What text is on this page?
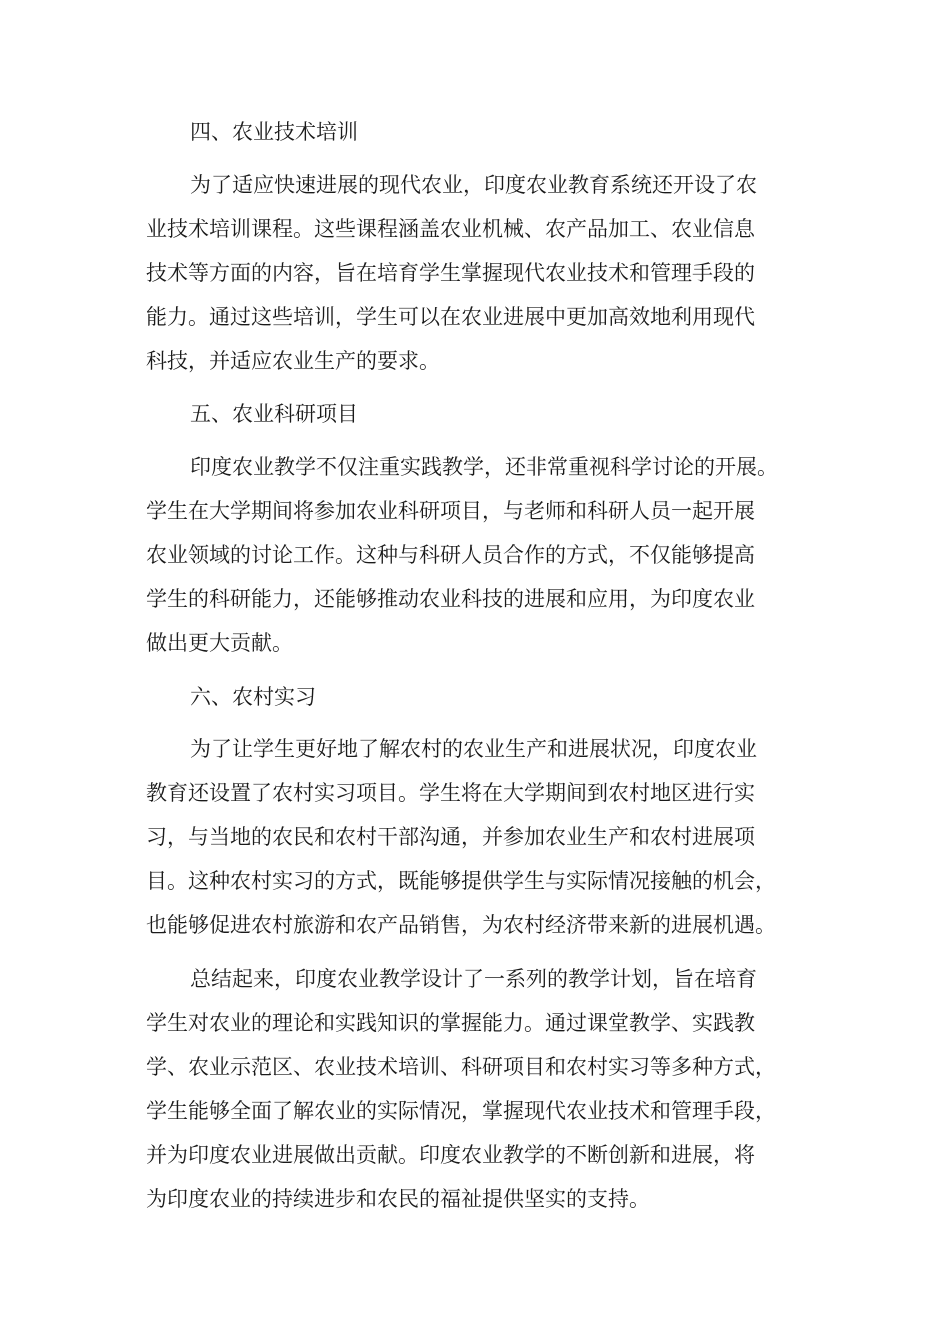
四、农业技术培训
为了适应快速进展的现代农业，印度农业教育系统还开设了农
业技术培训课程。这些课程涵盖农业机械、农产品加工、农业信息
技术等方面的内容，旨在培育学生掌握现代农业技术和管理手段的
能力。通过这些培训，学生可以在农业进展中更加高效地利用现代
科技，并适应农业生产的要求。
五、农业科研项目
印度农业教学不仅注重实践教学，还非常重视科学讨论的开展。
学生在大学期间将参加农业科研项目，与老师和科研人员一起开展
农业领域的讨论工作。这种与科研人员合作的方式，不仅能够提高
学生的科研能力，还能够推动农业科技的进展和应用，为印度农业
做出更大贡献。
六、农村实习
为了让学生更好地了解农村的农业生产和进展状况，印度农业
教育还设置了农村实习项目。学生将在大学期间到农村地区进行实
习，与当地的农民和农村干部沟通，并参加农业生产和农村进展项
目。这种农村实习的方式，既能够提供学生与实际情况接触的机会，
也能够促进农村旅游和农产品销售，为农村经济带来新的进展机遇。
总结起来，印度农业教学设计了一系列的教学计划，旨在培育
学生对农业的理论和实践知识的掌握能力。通过课堂教学、实践教
学、农业示范区、农业技术培训、科研项目和农村实习等多种方式，
学生能够全面了解农业的实际情况，掌握现代农业技术和管理手段，
并为印度农业进展做出贡献。印度农业教学的不断创新和进展，将
为印度农业的持续进步和农民的福祉提供坚实的支持。
